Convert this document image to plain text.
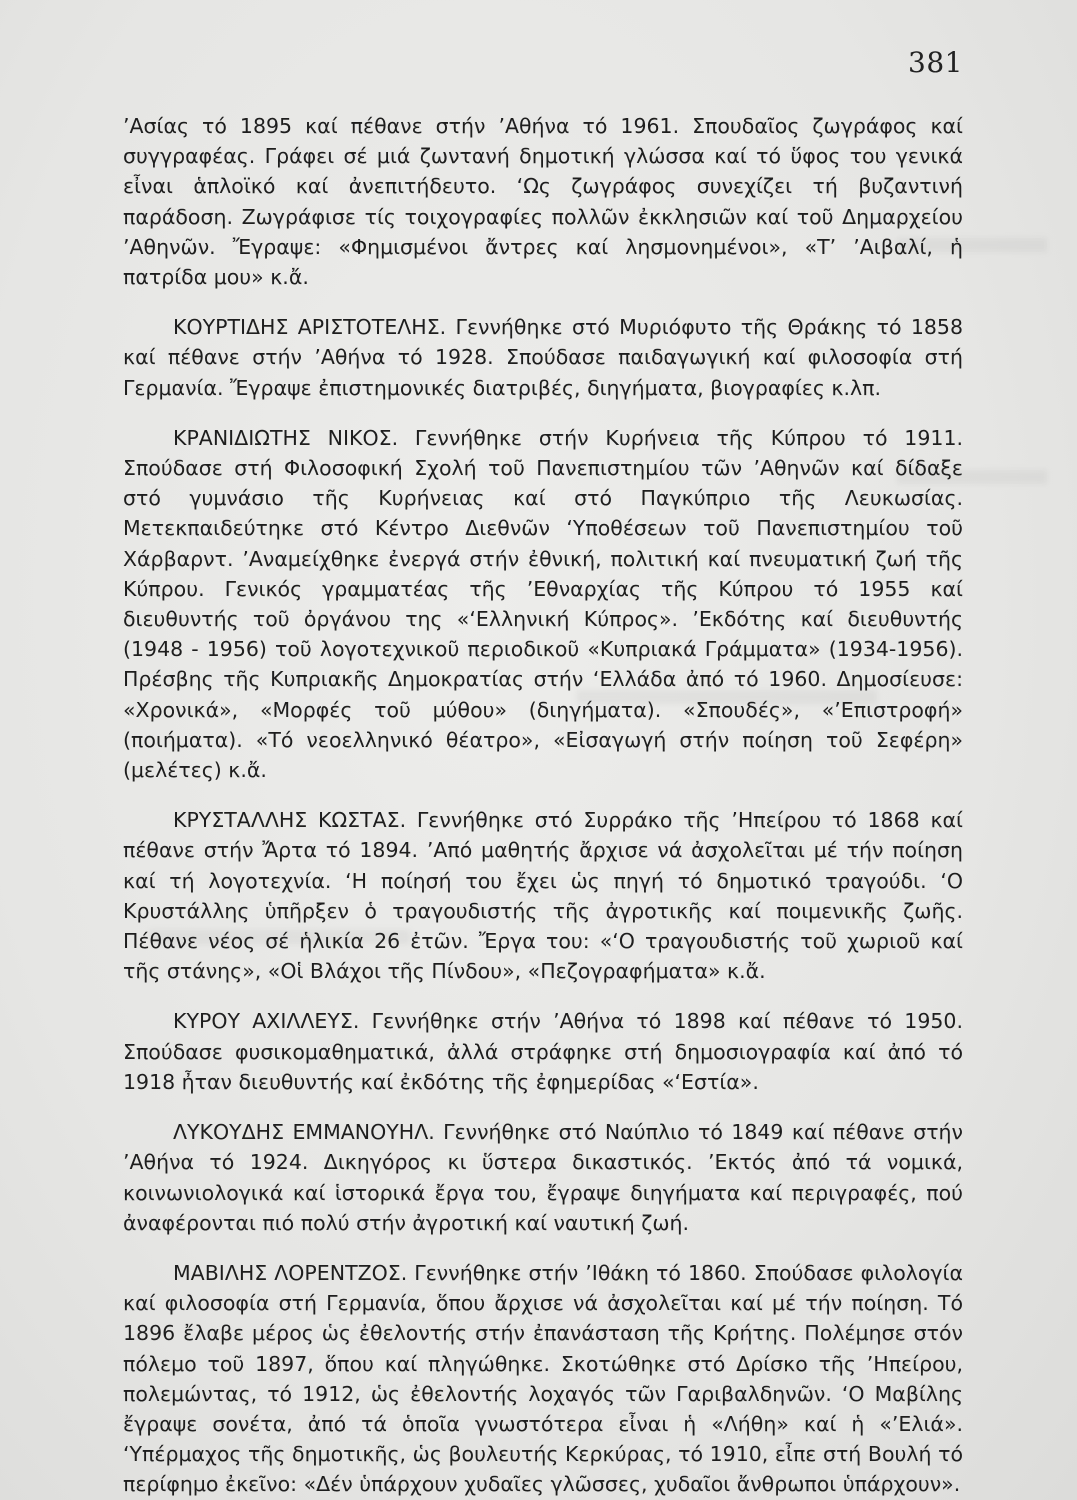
381

’Ασίας τό 1895 καί πέθανε στήν ’Αθήνα τό 1961. Σπουδαῖος ζωγράφος καί συγγραφέας. Γράφει σέ μιά ζωντανή δημοτική γλώσσα καί τό ὕφος του γενικά εἶναι ἁπλοϊκό καί ἀνεπιτήδευτο. ‘Ως ζωγράφος συνεχίζει τή βυζαντινή παράδοση. Ζωγράφισε τίς τοιχογραφίες πολλῶν ἐκκλησιῶν καί τοῦ Δημαρχείου ’Αθηνῶν. Ἔγραψε: «Φημισμένοι ἄντρες καί λησμονημένοι», «Τ’ ’Αιβαλί, ἡ πατρίδα μου» κ.ἄ.

ΚΟΥΡΤΙΔΗΣ ΑΡΙΣΤΟΤΕΛΗΣ. Γεννήθηκε στό Μυριόφυτο τῆς Θράκης τό 1858 καί πέθανε στήν ’Αθήνα τό 1928. Σπούδασε παιδαγωγική καί φιλοσοφία στή Γερμανία. Ἔγραψε ἐπιστημονικές διατριβές, διηγήματα, βιογραφίες κ.λπ.

ΚΡΑΝΙΔΙΩΤΗΣ ΝΙΚΟΣ. Γεννήθηκε στήν Κυρήνεια τῆς Κύπρου τό 1911. Σπούδασε στή Φιλοσοφική Σχολή τοῦ Πανεπιστημίου τῶν ’Αθηνῶν καί δίδαξε στό γυμνάσιο τῆς Κυρήνειας καί στό Παγκύπριο τῆς Λευκωσίας. Μετεκπαιδεύτηκε στό Κέντρο Διεθνῶν ‘Υποθέσεων τοῦ Πανεπιστημίου τοῦ Χάρβαρντ. ’Αναμείχθηκε ἐνεργά στήν ἐθνική, πολιτική καί πνευματική ζωή τῆς Κύπρου. Γενικός γραμματέας τῆς ’Εθναρχίας τῆς Κύπρου τό 1955 καί διευθυντής τοῦ ὀργάνου της «‘Ελληνική Κύπρος». ’Εκδότης καί διευθυντής (1948 - 1956) τοῦ λογοτεχνικοῦ περιοδικοῦ «Κυπριακά Γράμματα» (1934-1956). Πρέσβης τῆς Κυπριακῆς Δημοκρατίας στήν ‘Ελλάδα ἀπό τό 1960. Δημοσίευσε: «Χρονικά», «Μορφές τοῦ μύθου» (διηγήματα). «Σπουδές», «’Επιστροφή» (ποιήματα). «Τό νεοελληνικό θέατρο», «Εἰσαγωγή στήν ποίηση τοῦ Σεφέρη» (μελέτες) κ.ἄ.

ΚΡΥΣΤΑΛΛΗΣ ΚΩΣΤΑΣ. Γεννήθηκε στό Συρράκο τῆς ’Ηπείρου τό 1868 καί πέθανε στήν Ἄρτα τό 1894. ’Από μαθητής ἄρχισε νά ἀσχολεῖται μέ τήν ποίηση καί τή λογοτεχνία. ‘Η ποίησή του ἔχει ὡς πηγή τό δημοτικό τραγούδι. ‘Ο Κρυστάλλης ὑπῆρξεν ὁ τραγουδιστής τῆς ἀγροτικῆς καί ποιμενικῆς ζωῆς. Πέθανε νέος σέ ἡλικία 26 ἐτῶν. Ἔργα του: «‘Ο τραγουδιστής τοῦ χωριοῦ καί τῆς στάνης», «Οἱ Βλάχοι τῆς Πίνδου», «Πεζογραφήματα» κ.ἄ.

ΚΥΡΟΥ ΑΧΙΛΛΕΥΣ. Γεννήθηκε στήν ’Αθήνα τό 1898 καί πέθανε τό 1950. Σπούδασε φυσικομαθηματικά, ἀλλά στράφηκε στή δημοσιογραφία καί ἀπό τό 1918 ἦταν διευθυντής καί ἐκδότης τῆς ἐφημερίδας «‘Εστία».

ΛΥΚΟΥΔΗΣ ΕΜΜΑΝΟΥΗΛ. Γεννήθηκε στό Ναύπλιο τό 1849 καί πέθανε στήν ’Αθήνα τό 1924. Δικηγόρος κι ὕστερα δικαστικός. ’Εκτός ἀπό τά νομικά, κοινωνιολογικά καί ἱστορικά ἔργα του, ἔγραψε διηγήματα καί περιγραφές, πού ἀναφέρονται πιό πολύ στήν ἀγροτική καί ναυτική ζωή.

ΜΑΒΙΛΗΣ ΛΟΡΕΝΤΖΟΣ. Γεννήθηκε στήν ’Ιθάκη τό 1860. Σπούδασε φιλολογία καί φιλοσοφία στή Γερμανία, ὅπου ἄρχισε νά ἀσχολεῖται καί μέ τήν ποίηση. Τό 1896 ἔλαβε μέρος ὡς ἐθελοντής στήν ἐπανάσταση τῆς Κρήτης. Πολέμησε στόν πόλεμο τοῦ 1897, ὅπου καί πληγώθηκε. Σκοτώθηκε στό Δρίσκο τῆς ’Ηπείρου, πολεμώντας, τό 1912, ὡς ἐθελοντής λοχαγός τῶν Γαριβαλδηνῶν. ‘Ο Μαβίλης ἔγραψε σονέτα, ἀπό τά ὁποῖα γνωστότερα εἶναι ἡ «Λήθη» καί ἡ «’Ελιά». ‘Υπέρμαχος τῆς δημοτικῆς, ὡς βουλευτής Κερκύρας, τό 1910, εἶπε στή Βουλή τό περίφημο ἐκεῖνο: «Δέν ὑπάρχουν χυδαῖες γλῶσσες, χυδαῖοι ἄνθρωποι ὑπάρχουν».
